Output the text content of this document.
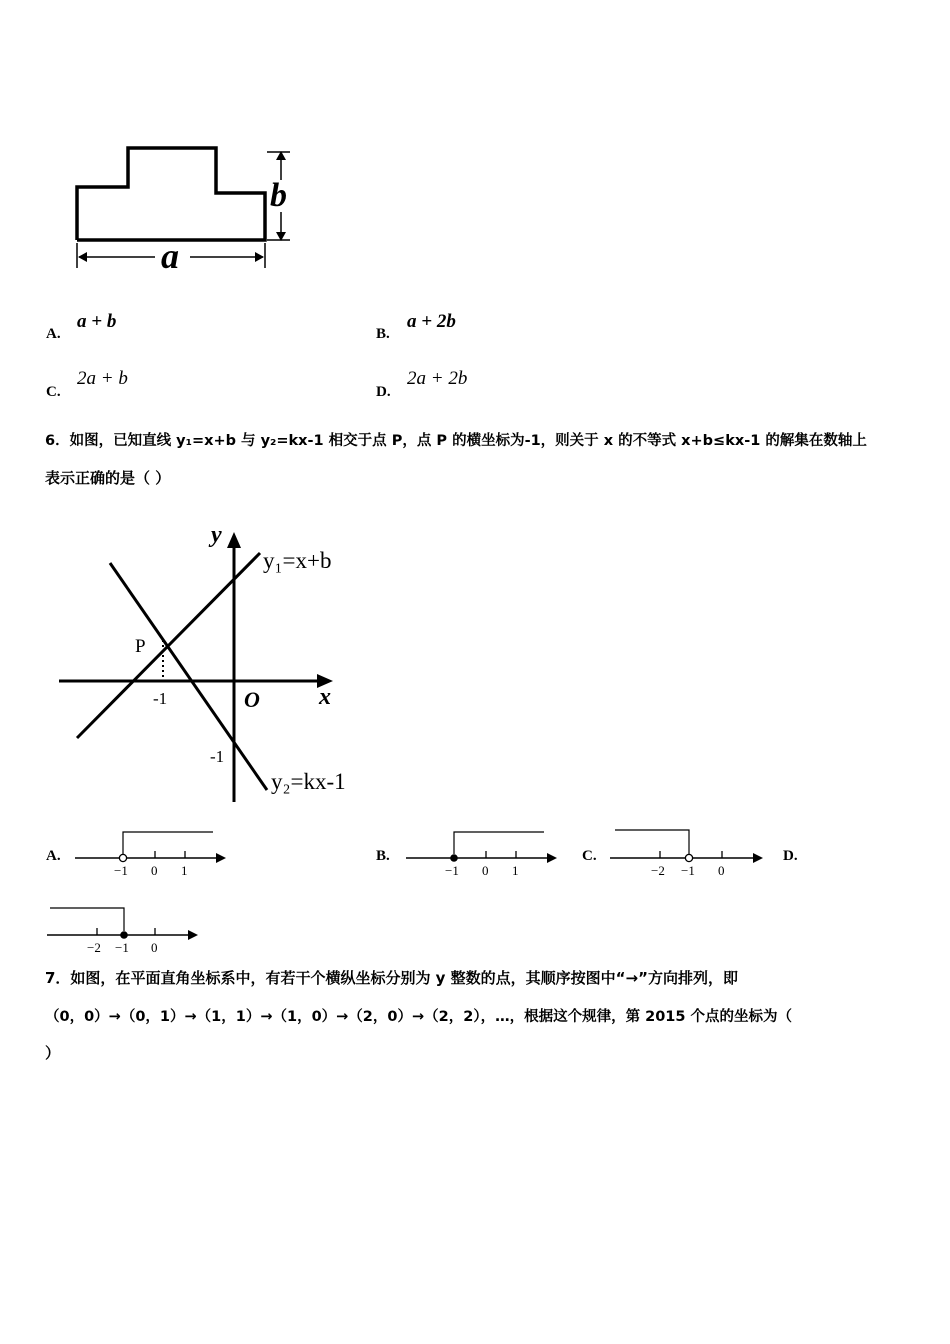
b
a
A.
a + b
B.
a + 2b
C.
2a + b
D.
2a + 2b
6．如图，已知直线 y₁=x+b 与 y₂=kx-1 相交于点 P，点 P 的横坐标为-1，则关于 x 的不等式 x+b≤kx-1 的解集在数轴上
表示正确的是（ ）
y
x
O
P
-1
-1
y₁=x+b
y₂=kx-1
A.
−1 0 1
B.
−1 0 1
C.
−2 −1 0
D.
−2 −1 0
7．如图，在平面直角坐标系中，有若干个横纵坐标分别为 y 整数的点，其顺序按图中“→”方向排列，即
（0，0）→（0，1）→（1，1）→（1，0）→（2，0）→（2，2），…，根据这个规律，第 2015 个点的坐标为（
）
